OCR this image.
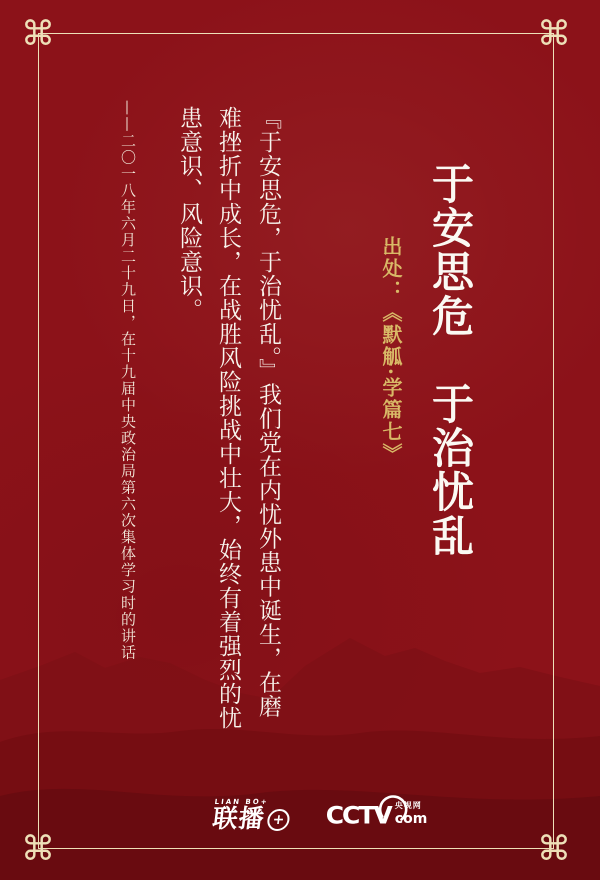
⌘	⌘
⌘	⌘
于安思危　于治忧乱
出处：《默觚·学篇七》
『于安思危，于治忧乱。』我们党在内忧外患中诞生，在磨
难挫折中成长，在战胜风险挑战中壮大，始终有着强烈的忧
患意识、风险意识。
——二〇一八年六月二十九日，在十九届中央政治局第六次集体学习时的讲话
LIAN BO+
联播 + CCTV 央视网
com
